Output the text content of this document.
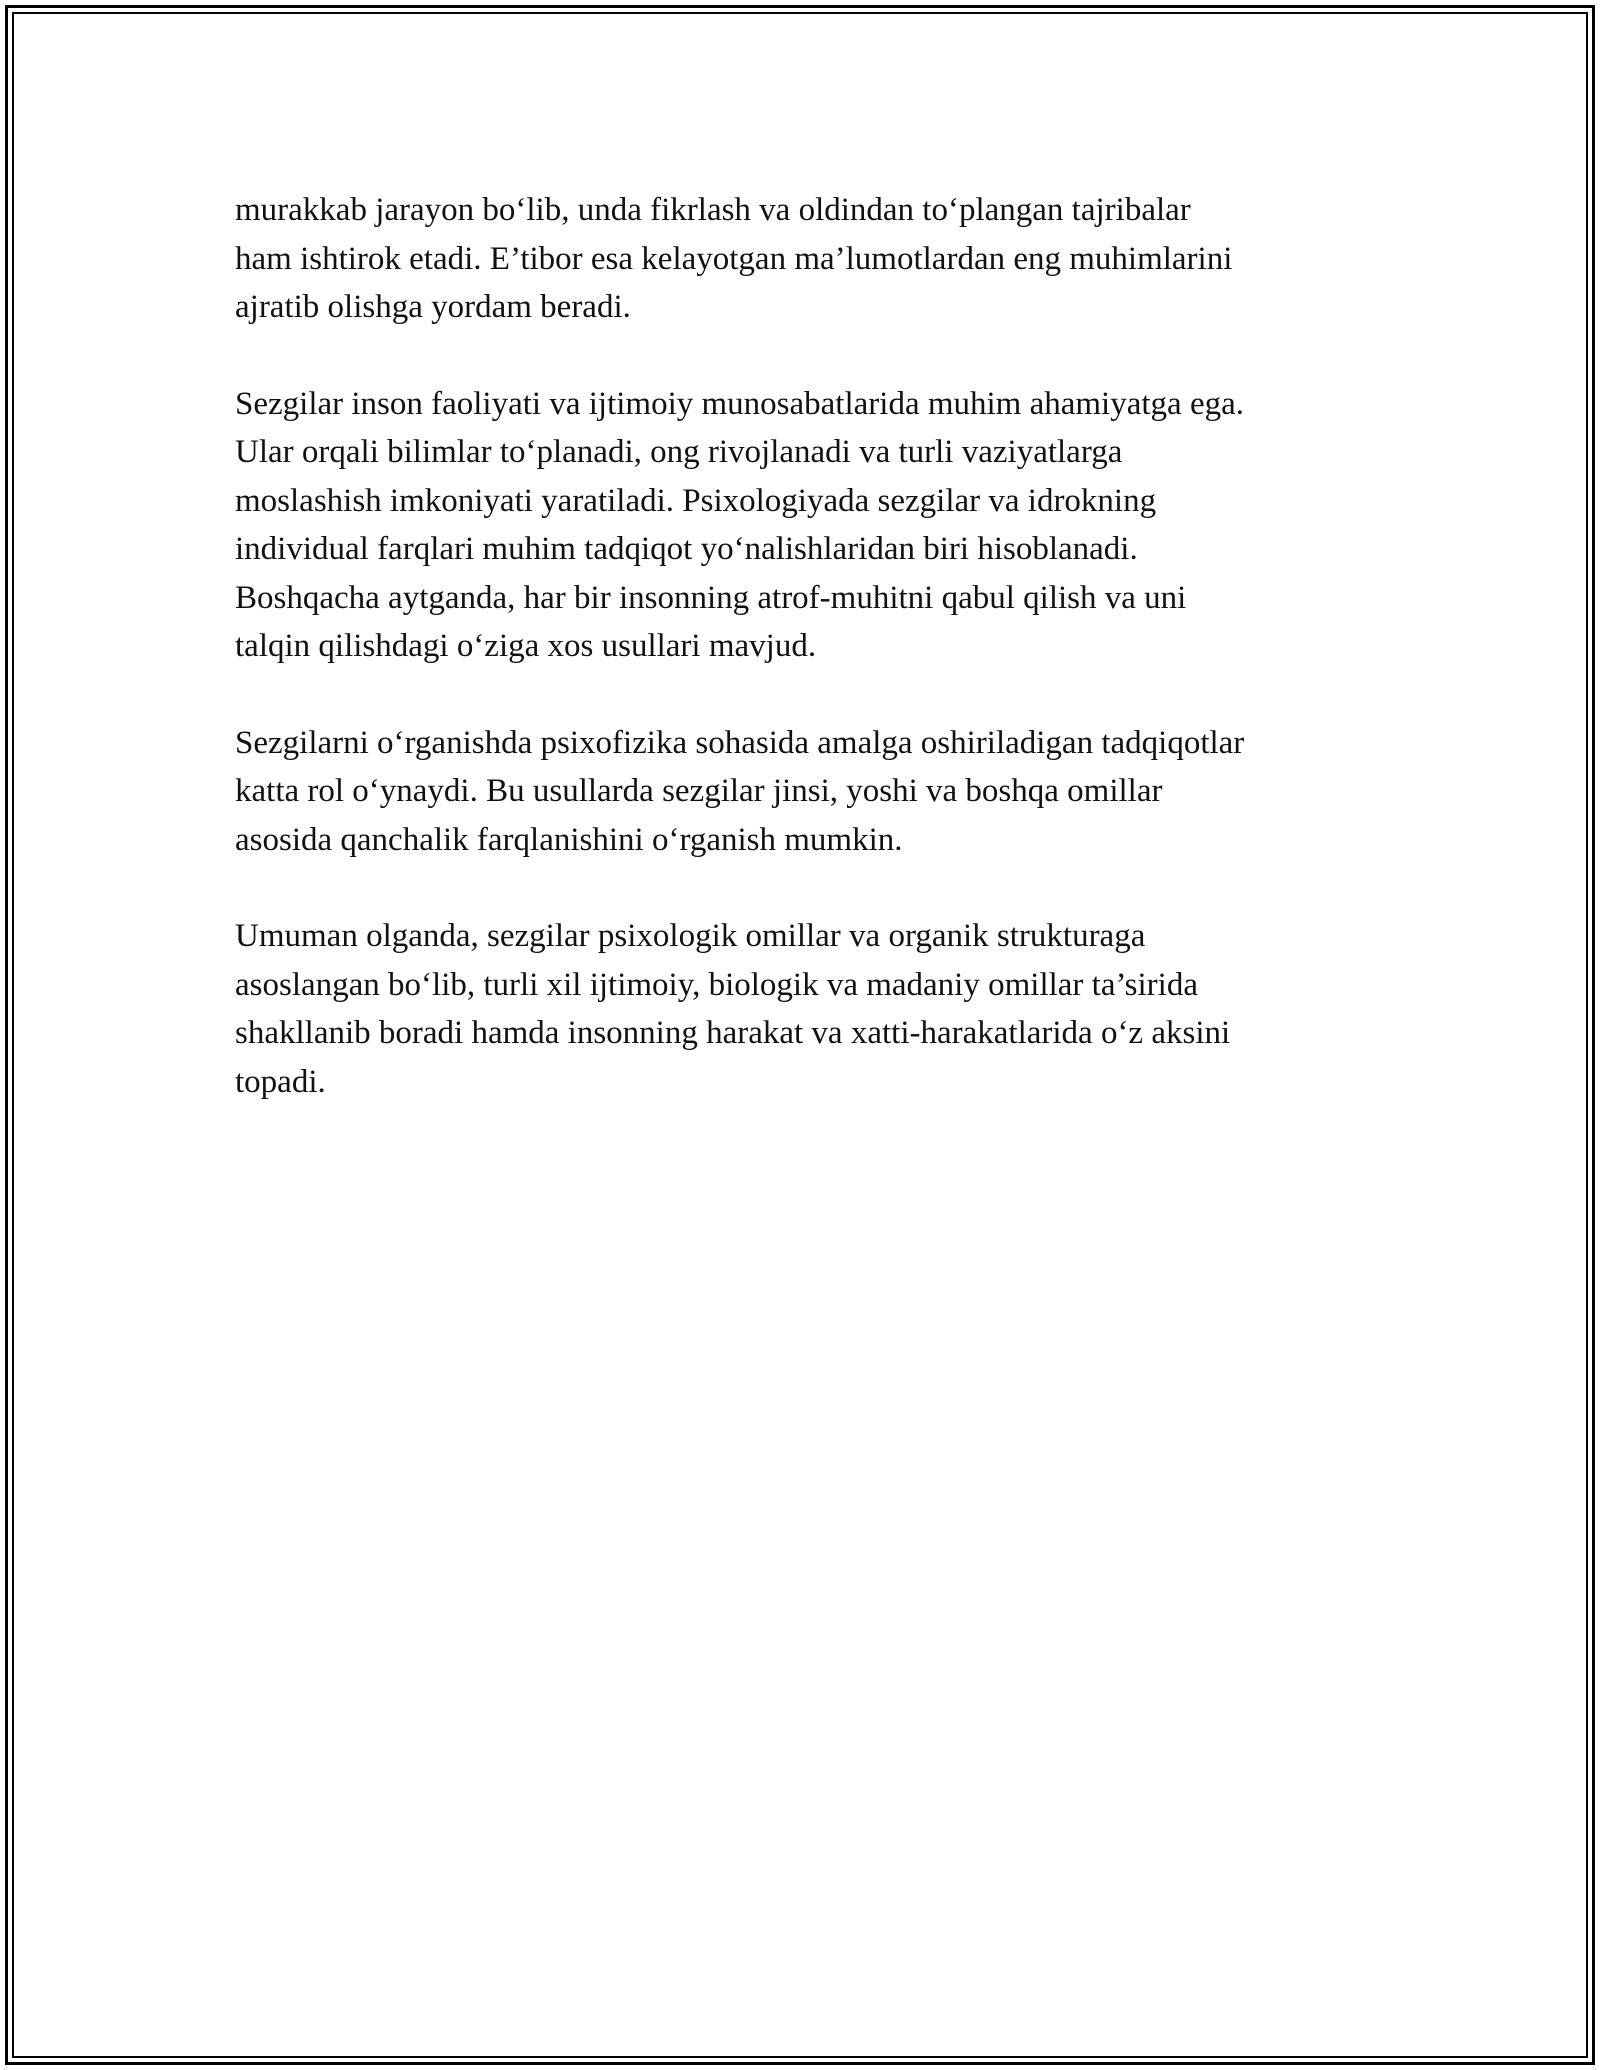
murakkab jarayon bo‘lib, unda fikrlash va oldindan to‘plangan tajribalar
ham ishtirok etadi. E’tibor esa kelayotgan ma’lumotlardan eng muhimlarini
ajratib olishga yordam beradi.

Sezgilar inson faoliyati va ijtimoiy munosabatlarida muhim ahamiyatga ega.
Ular orqali bilimlar to‘planadi, ong rivojlanadi va turli vaziyatlarga
moslashish imkoniyati yaratiladi. Psixologiyada sezgilar va idrokning
individual farqlari muhim tadqiqot yo‘nalishlaridan biri hisoblanadi.
Boshqacha aytganda, har bir insonning atrof-muhitni qabul qilish va uni
talqin qilishdagi o‘ziga xos usullari mavjud.

Sezgilarni o‘rganishda psixofizika sohasida amalga oshiriladigan tadqiqotlar
katta rol o‘ynaydi. Bu usullarda sezgilar jinsi, yoshi va boshqa omillar
asosida qanchalik farqlanishini o‘rganish mumkin.

Umuman olganda, sezgilar psixologik omillar va organik strukturaga
asoslangan bo‘lib, turli xil ijtimoiy, biologik va madaniy omillar ta’sirida
shakllanib boradi hamda insonning harakat va xatti-harakatlarida o‘z aksini
topadi.
